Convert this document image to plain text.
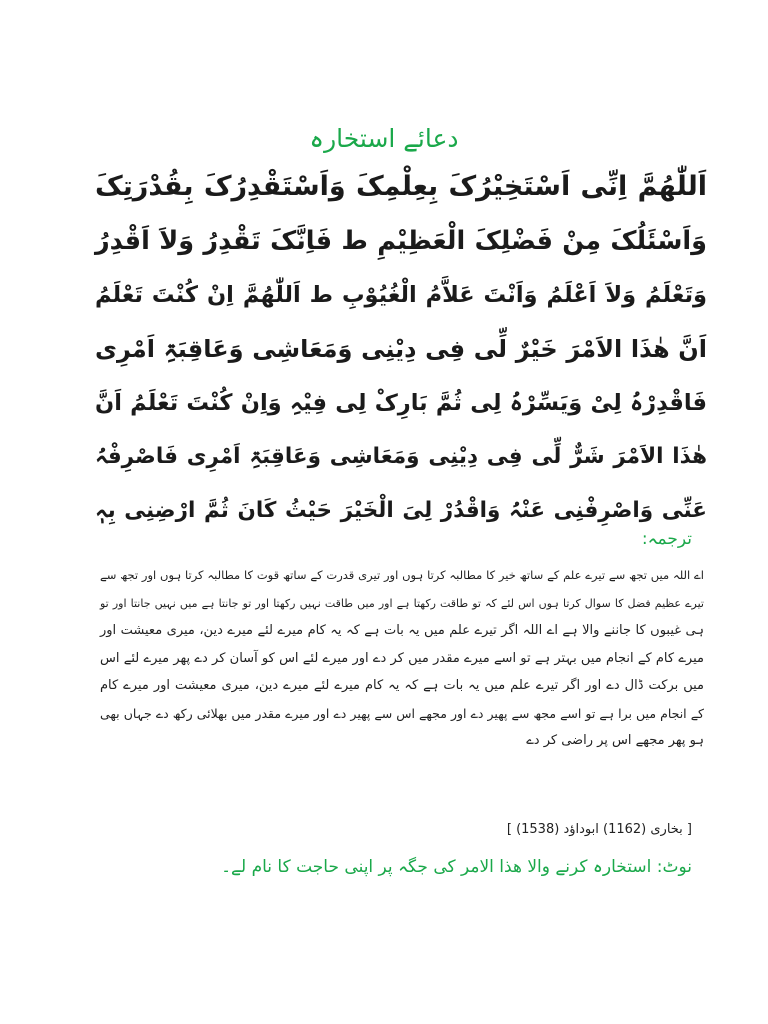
دعائے استخارہ
اَللّٰھُمَّ اِنِّی اَسْتَخِیْرُکَ بِعِلْمِکَ وَاَسْتَقْدِرُکَ بِقُدْرَتِکَ
وَاَسْئَلُکَ مِنْ فَضْلِکَ الْعَظِیْمِ ط فَاِنَّکَ تَقْدِرُ وَلاَ اَقْدِرُ
وَتَعْلَمُ وَلاَ اَعْلَمُ وَاَنْتَ عَلاَّمُ الْغُیُوْبِ ط اَللّٰھُمَّ اِنْ کُنْتَ تَعْلَمُ
اَنَّ ھٰذَا الاَمْرَ خَیْرٌ لِّی فِی دِیْنِی وَمَعَاشِی وَعَاقِبَۃِ اَمْرِی
فَاقْدِرْہُ لِیْ وَیَسِّرْہُ لِی ثُمَّ بَارِکْ لِی فِیْہِ وَاِنْ کُنْتَ تَعْلَمُ اَنَّ
ھٰذَا الاَمْرَ شَرٌّ لِّی فِی دِیْنِی وَمَعَاشِی وَعَاقِبَۃِ اَمْرِی فَاصْرِفْہُ
عَنِّی وَاصْرِفْنِی عَنْہُ وَاقْدُرْ لِیَ الْخَیْرَ حَیْثُ کَانَ ثُمَّ ارْضِنِی بِہٖ
ترجمہ:
اے اللہ میں تجھ سے تیرے علم کے ساتھ خیر کا مطالبہ کرتا ہوں اور تیری قدرت کے ساتھ قوت کا مطالبہ کرتا ہوں اور تجھ سے
تیرے عظیم فضل کا سوال کرتا ہوں اس لئے کہ تو طاقت رکھتا ہے اور میں طاقت نہیں رکھتا اور تو جانتا ہے میں نہیں جانتا اور تو
ہی غیبوں کا جاننے والا ہے اے اللہ اگر تیرے علم میں یہ بات ہے کہ یہ کام میرے لئے میرے دین، میری معیشت اور
میرے کام کے انجام میں بہتر ہے تو اسے میرے مقدر میں کر دے اور میرے لئے اس کو آسان کر دے پھر میرے لئے اس
میں برکت ڈال دے اور اگر تیرے علم میں یہ بات ہے کہ یہ کام میرے لئے میرے دین، میری معیشت اور میرے کام
کے انجام میں برا ہے تو اسے مجھ سے پھیر دے اور مجھے اس سے پھیر دے اور میرے مقدر میں بھلائی رکھ دے جہاں بھی
ہو پھر مجھے اس پر راضی کر دے
[ بخاری (1162) ابوداؤد (1538) ]
نوٹ: استخارہ کرنے والا ھذا الامر کی جگہ پر اپنی حاجت کا نام لے۔
